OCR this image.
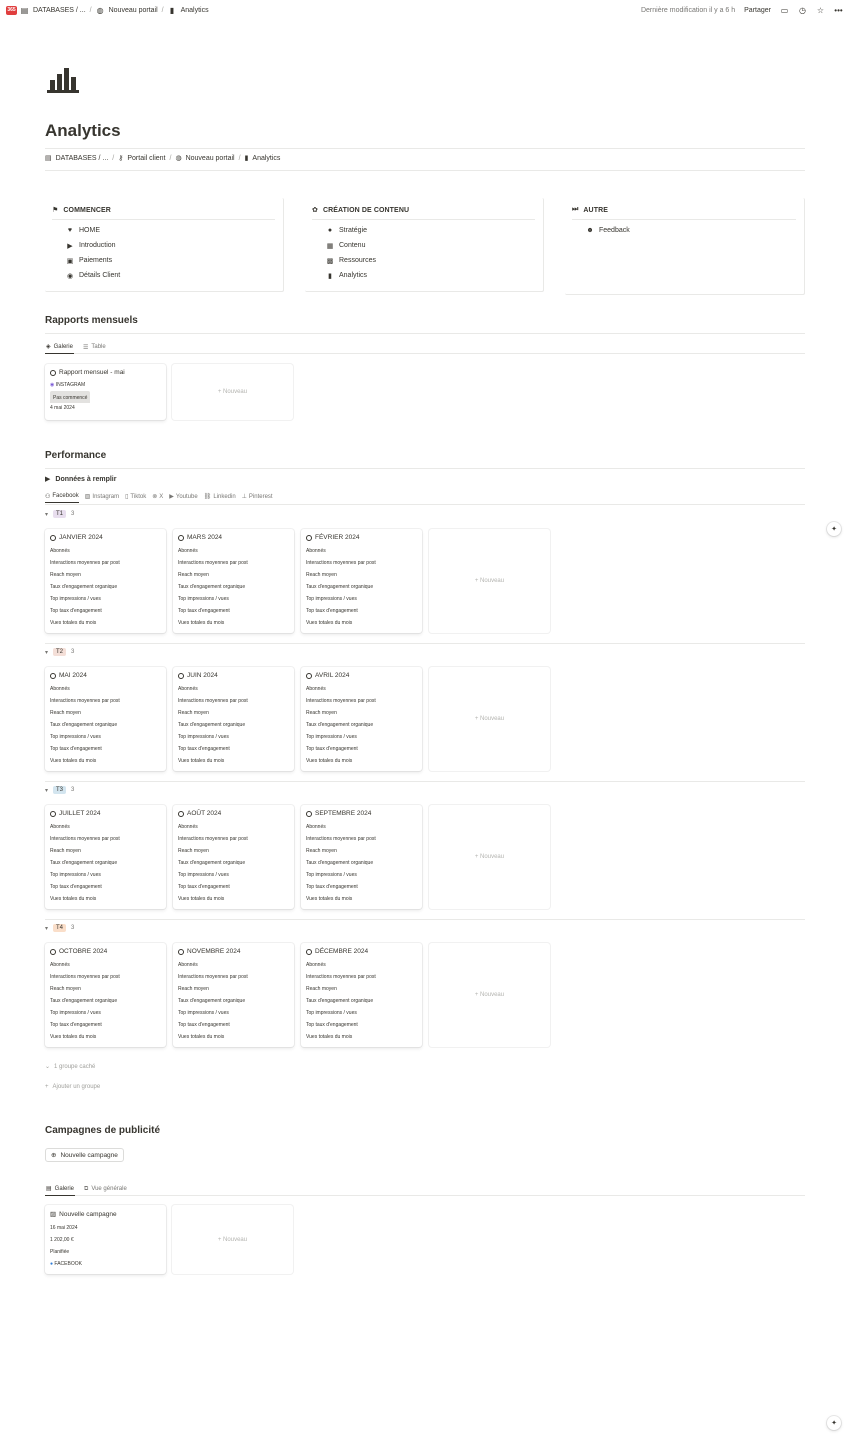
365 ▤ DATABASES / ... / ◍ Nouveau portail / ▮ Analytics	Dernière modification il y a 6 h Partager ▭ ◷ ☆ •••
Analytics
▤ DATABASES / ... / ⚷ Portail client / ◍ Nouveau portail / ▮ Analytics
⚑ COMMENCER
♥ HOME
▶ Introduction
▣ Paiements
◉ Détails Client
✿ CRÉATION DE CONTENU
● Stratégie
▦ Contenu
▩ Ressources
▮ Analytics
⏭ AUTRE
☻ Feedback
Rapports mensuels
◈ Galerie ☰ Table
Rapport mensuel - mai
◉ INSTAGRAM
Pas commencé
4 mai 2024
+ Nouveau
Performance
▶ Données à remplir
⚇ Facebook ▨ Instagram ▯ Tiktok ⊗ X ▶ Youtube ⛓ Linkedin ⊥ Pinterest
▾	T1	3
JANVIER 2024
Abonnés
Interactions moyennes par post
Reach moyen
Taux d'engagement organique
Top impressions / vues
Top taux d'engagement
Vues totales du mois
MARS 2024
Abonnés
Interactions moyennes par post
Reach moyen
Taux d'engagement organique
Top impressions / vues
Top taux d'engagement
Vues totales du mois
FÉVRIER 2024
Abonnés
Interactions moyennes par post
Reach moyen
Taux d'engagement organique
Top impressions / vues
Top taux d'engagement
Vues totales du mois
+ Nouveau
▾	T2	3
MAI 2024
Abonnés
Interactions moyennes par post
Reach moyen
Taux d'engagement organique
Top impressions / vues
Top taux d'engagement
Vues totales du mois
JUIN 2024
Abonnés
Interactions moyennes par post
Reach moyen
Taux d'engagement organique
Top impressions / vues
Top taux d'engagement
Vues totales du mois
AVRIL 2024
Abonnés
Interactions moyennes par post
Reach moyen
Taux d'engagement organique
Top impressions / vues
Top taux d'engagement
Vues totales du mois
+ Nouveau
▾	T3	3
JUILLET 2024
Abonnés
Interactions moyennes par post
Reach moyen
Taux d'engagement organique
Top impressions / vues
Top taux d'engagement
Vues totales du mois
AOÛT 2024
Abonnés
Interactions moyennes par post
Reach moyen
Taux d'engagement organique
Top impressions / vues
Top taux d'engagement
Vues totales du mois
SEPTEMBRE 2024
Abonnés
Interactions moyennes par post
Reach moyen
Taux d'engagement organique
Top impressions / vues
Top taux d'engagement
Vues totales du mois
+ Nouveau
▾	T4	3
OCTOBRE 2024
Abonnés
Interactions moyennes par post
Reach moyen
Taux d'engagement organique
Top impressions / vues
Top taux d'engagement
Vues totales du mois
NOVEMBRE 2024
Abonnés
Interactions moyennes par post
Reach moyen
Taux d'engagement organique
Top impressions / vues
Top taux d'engagement
Vues totales du mois
DÉCEMBRE 2024
Abonnés
Interactions moyennes par post
Reach moyen
Taux d'engagement organique
Top impressions / vues
Top taux d'engagement
Vues totales du mois
+ Nouveau
⌄ 1 groupe caché
+ Ajouter un groupe
Campagnes de publicité
⊕ Nouvelle campagne
▤ Galerie ⧉ Vue générale
▨ Nouvelle campagne
16 mai 2024
1 202,00 €
Planifiée
● FACEBOOK
+ Nouveau
✦
✦
